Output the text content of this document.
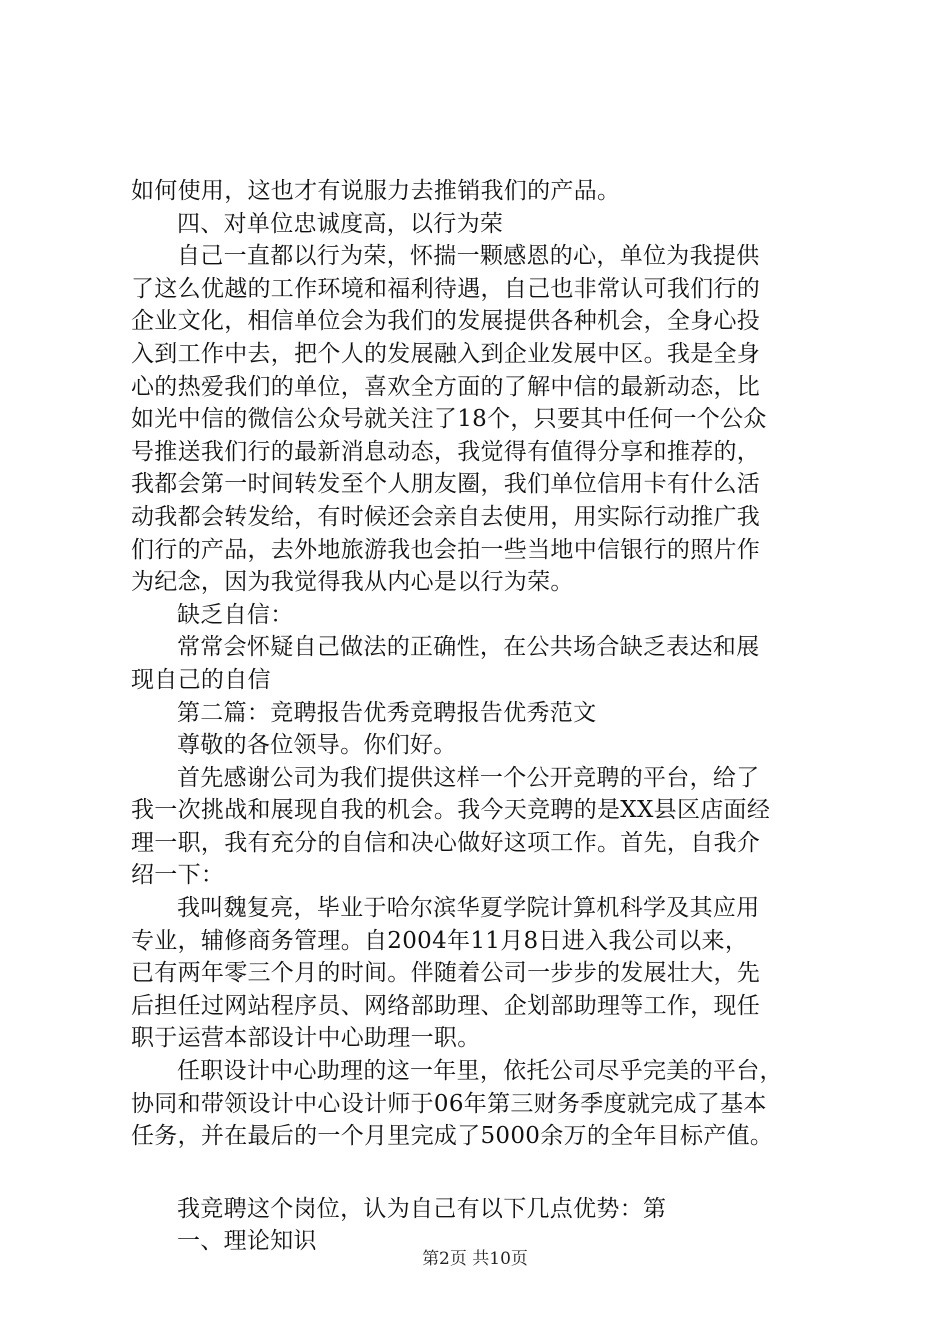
如何使用，这也才有说服力去推销我们的产品。
四、对单位忠诚度高，以行为荣
自己一直都以行为荣，怀揣一颗感恩的心，单位为我提供
了这么优越的工作环境和福利待遇，自己也非常认可我们行的
企业文化，相信单位会为我们的发展提供各种机会，全身心投
入到工作中去，把个人的发展融入到企业发展中区。我是全身
心的热爱我们的单位，喜欢全方面的了解中信的最新动态，比
如光中信的微信公众号就关注了18个，只要其中任何一个公众
号推送我们行的最新消息动态，我觉得有值得分享和推荐的，
我都会第一时间转发至个人朋友圈，我们单位信用卡有什么活
动我都会转发给，有时候还会亲自去使用，用实际行动推广我
们行的产品，去外地旅游我也会拍一些当地中信银行的照片作
为纪念，因为我觉得我从内心是以行为荣。
缺乏自信：
常常会怀疑自己做法的正确性，在公共场合缺乏表达和展
现自己的自信
第二篇：竞聘报告优秀竞聘报告优秀范文
尊敬的各位领导。你们好。
首先感谢公司为我们提供这样一个公开竞聘的平台，给了
我一次挑战和展现自我的机会。我今天竞聘的是XX县区店面经
理一职，我有充分的自信和决心做好这项工作。首先，自我介
绍一下：
我叫魏复亮，毕业于哈尔滨华夏学院计算机科学及其应用
专业，辅修商务管理。自2004年11月8日进入我公司以来，
已有两年零三个月的时间。伴随着公司一步步的发展壮大，先
后担任过网站程序员、网络部助理、企划部助理等工作，现任
职于运营本部设计中心助理一职。
任职设计中心助理的这一年里，依托公司尽乎完美的平台，
协同和带领设计中心设计师于06年第三财务季度就完成了基本
任务，并在最后的一个月里完成了5000余万的全年目标产值。
我竞聘这个岗位，认为自己有以下几点优势：第
一、理论知识
第2页 共10页
